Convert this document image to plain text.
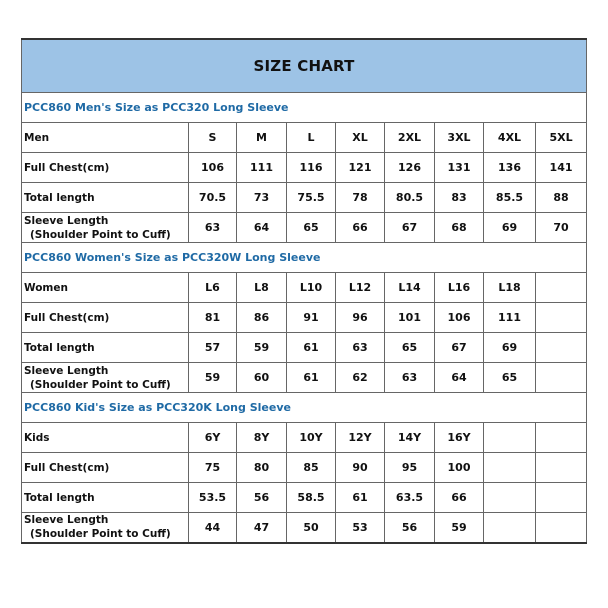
SIZE CHART								
PCC860 Men's Size as PCC320 Long Sleeve								
Men	S	M	L	XL	2XL	3XL	4XL	5XL
Full Chest(cm)	106	111	116	121	126	131	136	141
Total length	70.5	73	75.5	78	80.5	83	85.5	88

Sleeve Length
(Shoulder Point to Cuff)	63	64	65	66	67	68	69	70
PCC860 Women's Size as PCC320W Long Sleeve								
Women	L6	L8	L10	L12	L14	L16	L18	
Full Chest(cm)	81	86	91	96	101	106	111	
Total length	57	59	61	63	65	67	69	

Sleeve Length
(Shoulder Point to Cuff)	59	60	61	62	63	64	65	
PCC860 Kid's Size as PCC320K Long Sleeve								
Kids	6Y	8Y	10Y	12Y	14Y	16Y		
Full Chest(cm)	75	80	85	90	95	100		
Total length	53.5	56	58.5	61	63.5	66		

Sleeve Length
(Shoulder Point to Cuff)	44	47	50	53	56	59		
